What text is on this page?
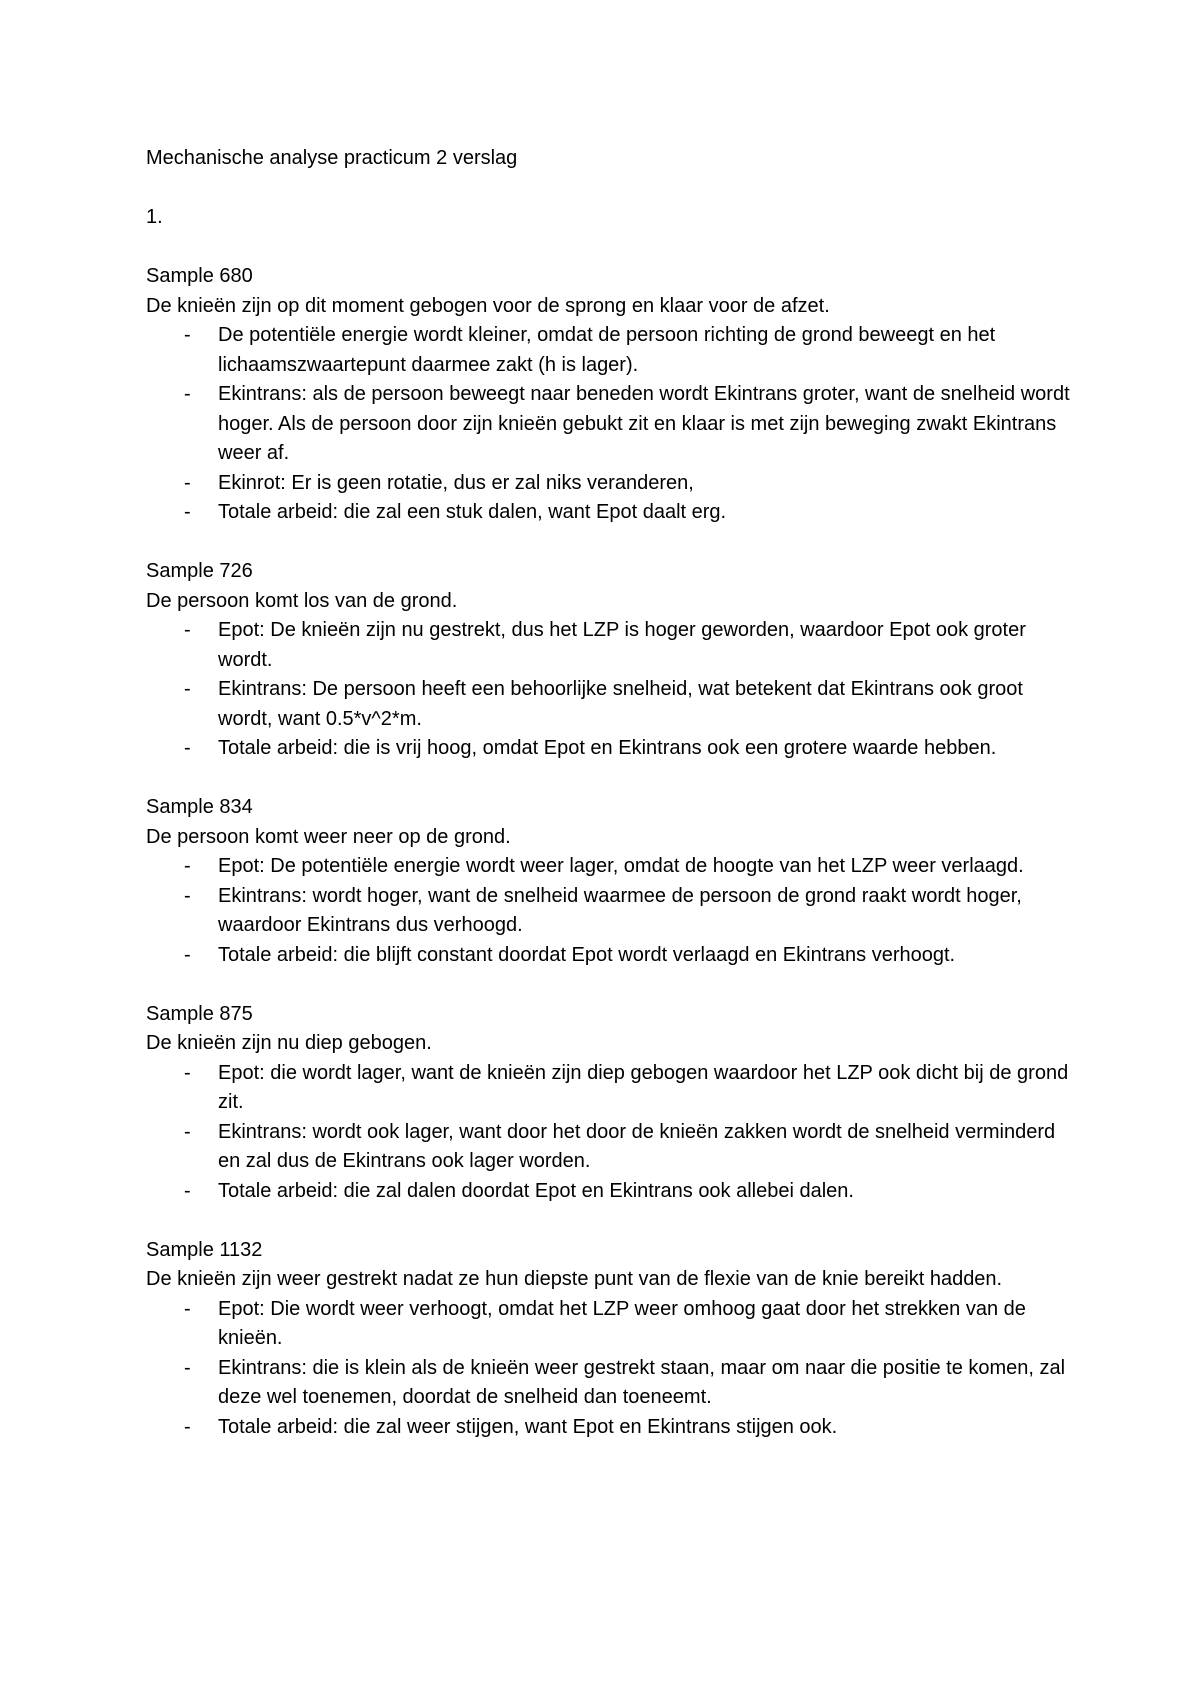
Mechanische analyse practicum 2 verslag

1.

Sample 680

De knieën zijn op dit moment gebogen voor de sprong en klaar voor de afzet.

- De potentiële energie wordt kleiner, omdat de persoon richting de grond beweegt en het lichaamszwaartepunt daarmee zakt (h is lager).
- Ekintrans: als de persoon beweegt naar beneden wordt Ekintrans groter, want de snelheid wordt hoger. Als de persoon door zijn knieën gebukt zit en klaar is met zijn beweging zwakt Ekintrans weer af.
- Ekinrot: Er is geen rotatie, dus er zal niks veranderen,
- Totale arbeid: die zal een stuk dalen, want Epot daalt erg.

Sample 726

De persoon komt los van de grond.

- Epot: De knieën zijn nu gestrekt, dus het LZP is hoger geworden, waardoor Epot ook groter wordt.
- Ekintrans: De persoon heeft een behoorlijke snelheid, wat betekent dat Ekintrans ook groot wordt, want 0.5*v^2*m.
- Totale arbeid: die is vrij hoog, omdat Epot en Ekintrans ook een grotere waarde hebben.

Sample 834

De persoon komt weer neer op de grond.

- Epot: De potentiële energie wordt weer lager, omdat de hoogte van het LZP weer verlaagd.
- Ekintrans: wordt hoger, want de snelheid waarmee de persoon de grond raakt wordt hoger, waardoor Ekintrans dus verhoogd.
- Totale arbeid: die blijft constant doordat Epot wordt verlaagd en Ekintrans verhoogt.

Sample 875

De knieën zijn nu diep gebogen.

- Epot: die wordt lager, want de knieën zijn diep gebogen waardoor het LZP ook dicht bij de grond zit.
- Ekintrans: wordt ook lager, want door het door de knieën zakken wordt de snelheid verminderd en zal dus de Ekintrans ook lager worden.
- Totale arbeid: die zal dalen doordat Epot en Ekintrans ook allebei dalen.

Sample 1132

De knieën zijn weer gestrekt nadat ze hun diepste punt van de flexie van de knie bereikt hadden.

- Epot: Die wordt weer verhoogt, omdat het LZP weer omhoog gaat door het strekken van de knieën.
- Ekintrans: die is klein als de knieën weer gestrekt staan, maar om naar die positie te komen, zal deze wel toenemen, doordat de snelheid dan toeneemt.
- Totale arbeid: die zal weer stijgen, want Epot en Ekintrans stijgen ook.
